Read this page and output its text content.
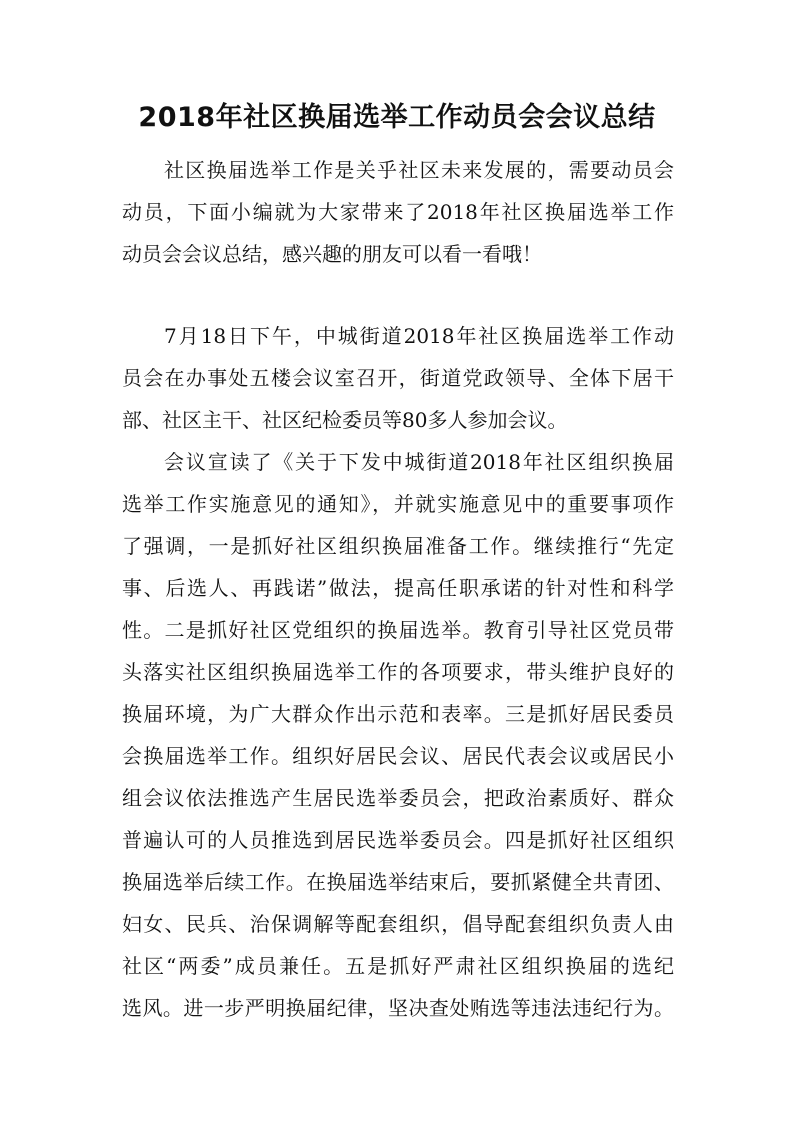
2018年社区换届选举工作动员会会议总结
社区换届选举工作是关乎社区未来发展的，需要动员会
动员，下面小编就为大家带来了2018年社区换届选举工作
动员会会议总结，感兴趣的朋友可以看一看哦！
7月18日下午，中城街道2018年社区换届选举工作动
员会在办事处五楼会议室召开，街道党政领导、全体下居干
部、社区主干、社区纪检委员等80多人参加会议。
会议宣读了《关于下发中城街道2018年社区组织换届
选举工作实施意见的通知》，并就实施意见中的重要事项作
了强调，一是抓好社区组织换届准备工作。继续推行“先定
事、后选人、再践诺”做法，提高任职承诺的针对性和科学
性。二是抓好社区党组织的换届选举。教育引导社区党员带
头落实社区组织换届选举工作的各项要求，带头维护良好的
换届环境，为广大群众作出示范和表率。三是抓好居民委员
会换届选举工作。组织好居民会议、居民代表会议或居民小
组会议依法推选产生居民选举委员会，把政治素质好、群众
普遍认可的人员推选到居民选举委员会。四是抓好社区组织
换届选举后续工作。在换届选举结束后，要抓紧健全共青团、
妇女、民兵、治保调解等配套组织，倡导配套组织负责人由
社区“两委”成员兼任。五是抓好严肃社区组织换届的选纪
选风。进一步严明换届纪律，坚决查处贿选等违法违纪行为。
